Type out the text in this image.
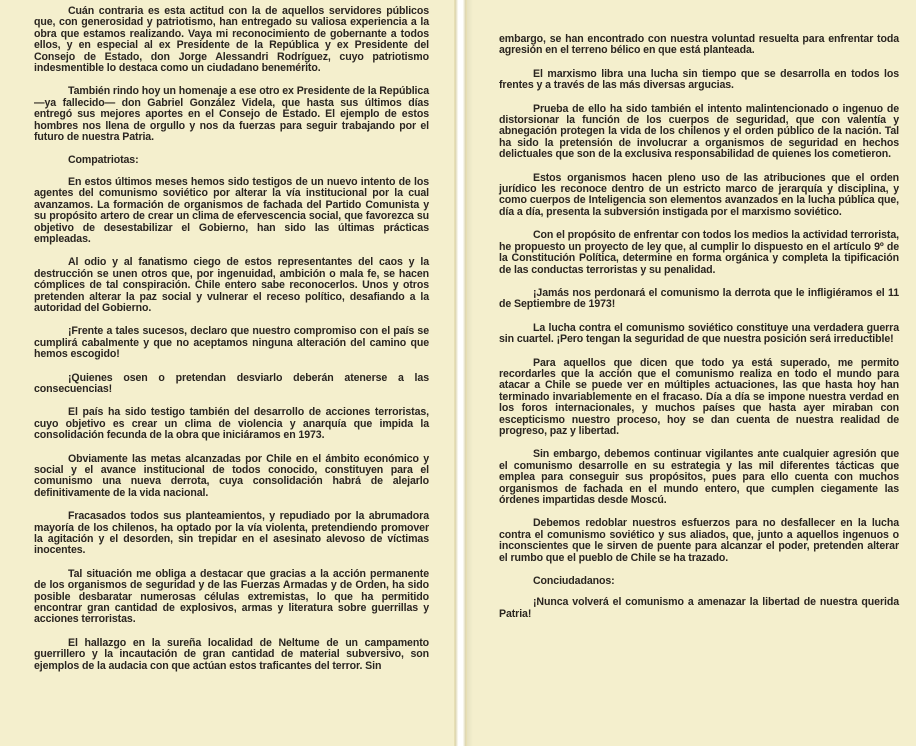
Cuán contraria es esta actitud con la de aquellos servidores públicos que, con generosidad y patriotismo, han entregado su valiosa experiencia a la obra que estamos realizando. Vaya mi reconocimiento de gobernante a todos ellos, y en especial al ex Presidente de la República y ex Presidente del Consejo de Estado, don Jorge Alessandri Rodríguez, cuyo patriotismo indesmentible lo destaca como un ciudadano benemérito.

También rindo hoy un homenaje a ese otro ex Presidente de la República —ya fallecido— don Gabriel González Videla, que hasta sus últimos días entregó sus mejores aportes en el Consejo de Estado. El ejemplo de estos hombres nos llena de orgullo y nos da fuerzas para seguir trabajando por el futuro de nuestra Patria.

Compatriotas:

En estos últimos meses hemos sido testigos de un nuevo intento de los agentes del comunismo soviético por alterar la vía institucional por la cual avanzamos. La formación de organismos de fachada del Partido Comunista y su propósito artero de crear un clima de efervescencia social, que favorezca su objetivo de desestabilizar el Gobierno, han sido las últimas prácticas empleadas.

Al odio y al fanatismo ciego de estos representantes del caos y la destrucción se unen otros que, por ingenuidad, ambición o mala fe, se hacen cómplices de tal conspiración. Chile entero sabe reconocerlos. Unos y otros pretenden alterar la paz social y vulnerar el receso político, desafiando a la autoridad del Gobierno.

¡Frente a tales sucesos, declaro que nuestro compromiso con el país se cumplirá cabalmente y que no aceptamos ninguna alteración del camino que hemos escogido!

¡Quienes osen o pretendan desviarlo deberán atenerse a las consecuencias!

El país ha sido testigo también del desarrollo de acciones terroristas, cuyo objetivo es crear un clima de violencia y anarquía que impida la consolidación fecunda de la obra que iniciáramos en 1973.

Obviamente las metas alcanzadas por Chile en el ámbito económico y social y el avance institucional de todos conocido, constituyen para el comunismo una nueva derrota, cuya consolidación habrá de alejarlo definitivamente de la vida nacional.

Fracasados todos sus planteamientos, y repudiado por la abrumadora mayoría de los chilenos, ha optado por la vía violenta, pretendiendo promover la agitación y el desorden, sin trepidar en el asesinato alevoso de víctimas inocentes.

Tal situación me obliga a destacar que gracias a la acción permanente de los organismos de seguridad y de las Fuerzas Armadas y de Orden, ha sido posible desbaratar numerosas células extremistas, lo que ha permitido encontrar gran cantidad de explosivos, armas y literatura sobre guerrillas y acciones terroristas.

El hallazgo en la sureña localidad de Neltume de un campamento guerrillero y la incautación de gran cantidad de material subversivo, son ejemplos de la audacia con que actúan estos traficantes del terror. Sin

embargo, se han encontrado con nuestra voluntad resuelta para enfrentar toda agresión en el terreno bélico en que está planteada.

El marxismo libra una lucha sin tiempo que se desarrolla en todos los frentes y a través de las más diversas argucias.

Prueba de ello ha sido también el intento malintencionado o ingenuo de distorsionar la función de los cuerpos de seguridad, que con valentía y abnegación protegen la vida de los chilenos y el orden público de la nación. Tal ha sido la pretensión de involucrar a organismos de seguridad en hechos delictuales que son de la exclusiva responsabilidad de quienes los cometieron.

Estos organismos hacen pleno uso de las atribuciones que el orden jurídico les reconoce dentro de un estricto marco de jerarquía y disciplina, y como cuerpos de Inteligencia son elementos avanzados en la lucha pública que, día a día, presenta la subversión instigada por el marxismo soviético.

Con el propósito de enfrentar con todos los medios la actividad terrorista, he propuesto un proyecto de ley que, al cumplir lo dispuesto en el artículo 9º de la Constitución Política, determine en forma orgánica y completa la tipificación de las conductas terroristas y su penalidad.

¡Jamás nos perdonará el comunismo la derrota que le infligiéramos el 11 de Septiembre de 1973!

La lucha contra el comunismo soviético constituye una verdadera guerra sin cuartel. ¡Pero tengan la seguridad de que nuestra posición será irreductible!

Para aquellos que dicen que todo ya está superado, me permito recordarles que la acción que el comunismo realiza en todo el mundo para atacar a Chile se puede ver en múltiples actuaciones, las que hasta hoy han terminado invariablemente en el fracaso. Día a día se impone nuestra verdad en los foros internacionales, y muchos países que hasta ayer miraban con escepticismo nuestro proceso, hoy se dan cuenta de nuestra realidad de progreso, paz y libertad.

Sin embargo, debemos continuar vigilantes ante cualquier agresión que el comunismo desarrolle en su estrategia y las mil diferentes tácticas que emplea para conseguir sus propósitos, pues para ello cuenta con muchos organismos de fachada en el mundo entero, que cumplen ciegamente las órdenes impartidas desde Moscú.

Debemos redoblar nuestros esfuerzos para no desfallecer en la lucha contra el comunismo soviético y sus aliados, que, junto a aquellos ingenuos o inconscientes que le sirven de puente para alcanzar el poder, pretenden alterar el rumbo que el pueblo de Chile se ha trazado.

Conciudadanos:

¡Nunca volverá el comunismo a amenazar la libertad de nuestra querida Patria!
